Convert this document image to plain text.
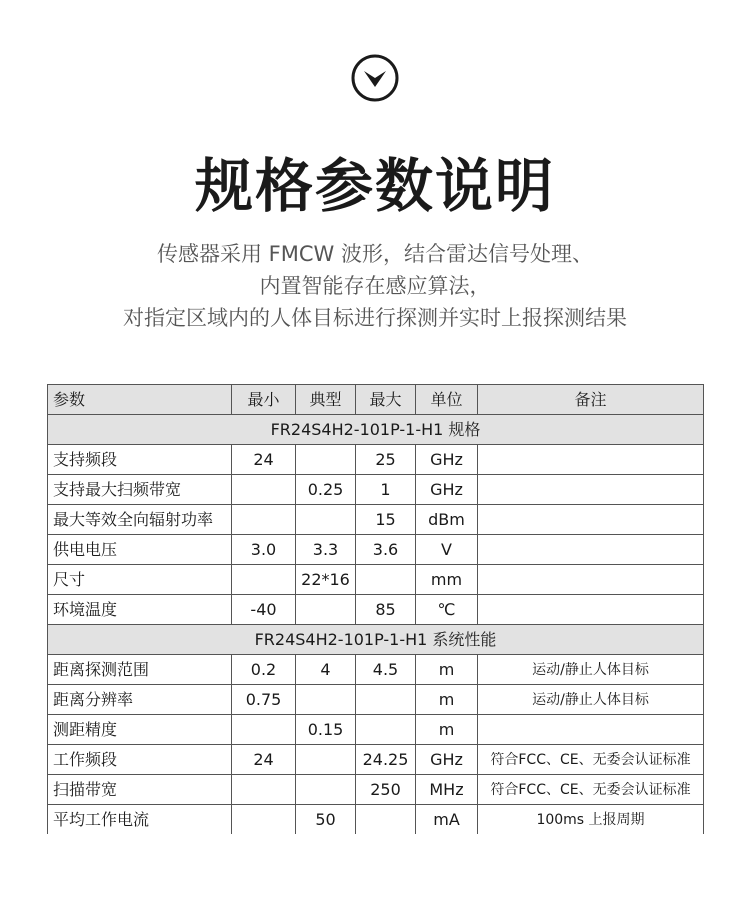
规格参数说明
传感器采用 FMCW 波形，结合雷达信号处理、
内置智能存在感应算法，
对指定区域内的人体目标进行探测并实时上报探测结果
参数	最小	典型	最大	单位	备注
FR24S4H2-101P-1-H1 规格					
支持频段	24		25	GHz	
支持最大扫频带宽		0.25	1	GHz	
最大等效全向辐射功率			15	dBm	
供电电压	3.0	3.3	3.6	V	
尺寸		22*16		mm	
环境温度	-40		85	℃	
FR24S4H2-101P-1-H1 系统性能					
距离探测范围	0.2	4	4.5	m	运动/静止人体目标
距离分辨率	0.75			m	运动/静止人体目标
测距精度		0.15		m	
工作频段	24		24.25	GHz	符合FCC、CE、无委会认证标准
扫描带宽			250	MHz	符合FCC、CE、无委会认证标准
平均工作电流		50		mA	100ms 上报周期
